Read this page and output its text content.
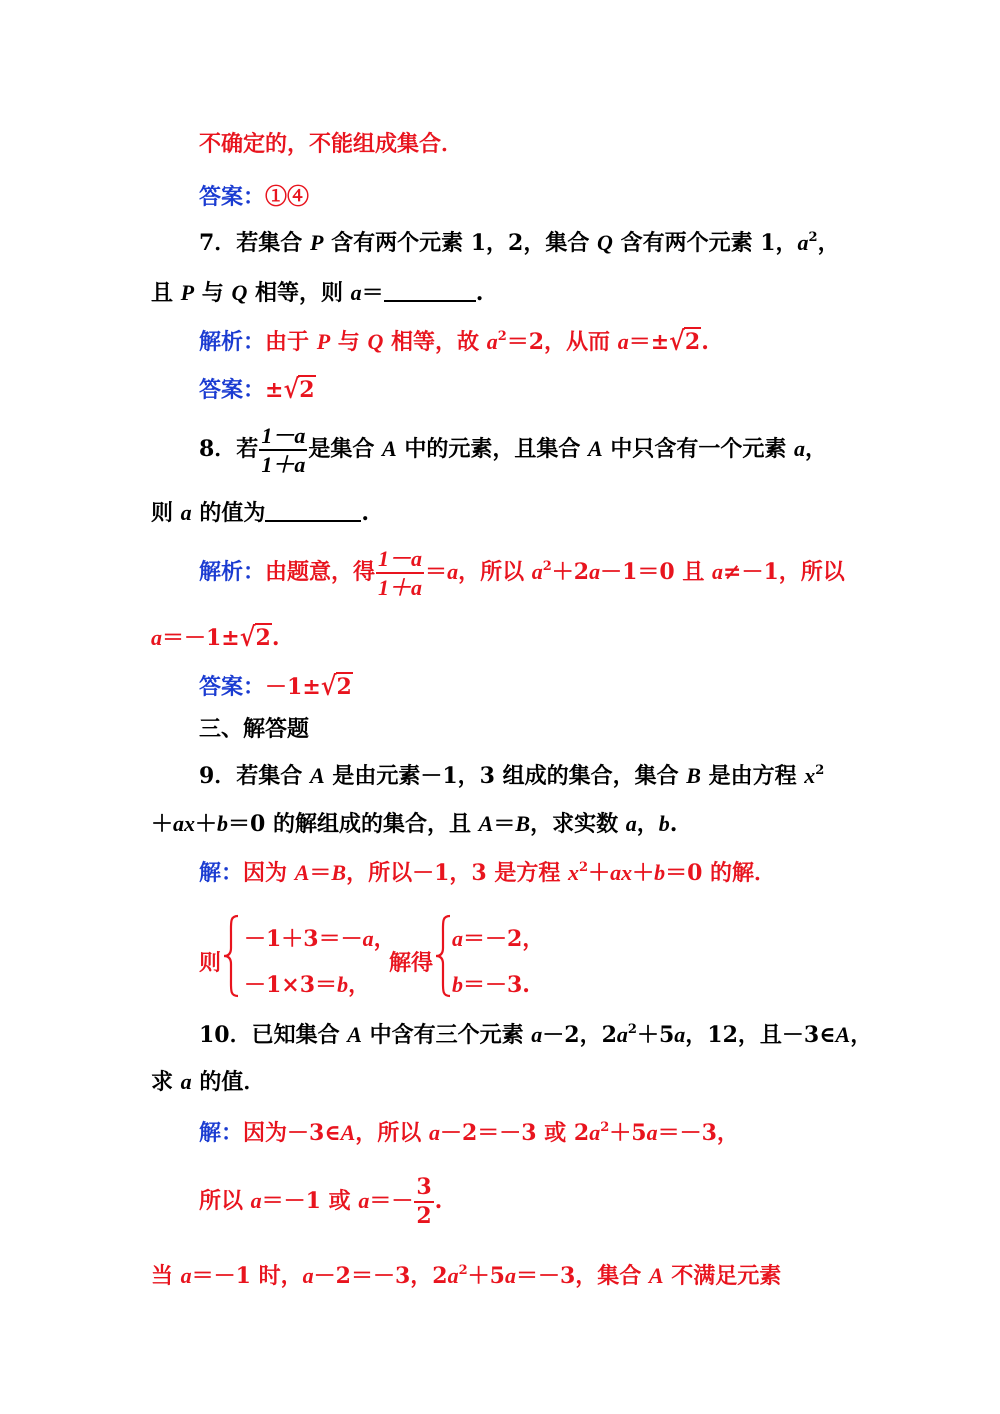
不确定的，不能组成集合．
答案：①④
7．若集合 P 含有两个元素 1，2，集合 Q 含有两个元素 1，$a^2$，
且 P 与 Q 相等，则 a＝	.
解析：由于 P 与 Q 相等，故 $a^2=2$，从而 a＝±√2.
答案：±√2
8．若 $\frac{1-a}{1+a}$ 是集合 A 中的元素，且集合 A 中只含有一个元素 a，
则 a 的值为	.
解析：由题意，得 $\frac{1-a}{1+a} =a$，所以 $a^2+2a-1=0$ 且 a≠－1，所以
a＝－1±√2.
答案：－1±√2
三、解答题
9．若集合 A 是由元素－1，3 组成的集合，集合 B 是由方程 $x^2$
＋ax＋b＝0 的解组成的集合，且 A＝B，求实数 a，b.
解：因为 A＝B，所以－1，3 是方程 $x^2+ax+b=0$ 的解．
则
－1＋3＝－a，
－1×3＝b，
解得
a＝－2，
b＝－3.
10．已知集合 A 中含有三个元素 a－2，$2a^2+5a$，12，且－3∈A，
求 a 的值．
解：因为－3∈A，所以 a－2＝－3 或 $2a^2+5a=-3$，
所以 a＝－1 或 $a=- \frac{3}{2}$ .
当 a＝－1 时，a－2＝－3，$2a^2+5a=-3$，集合 A 不满足元素
